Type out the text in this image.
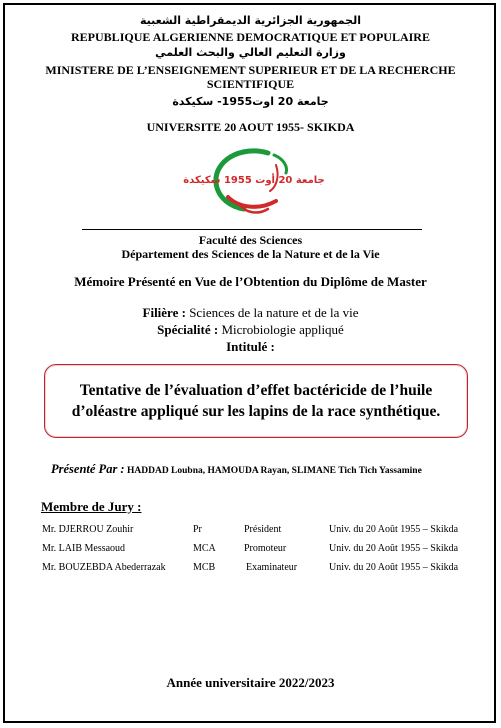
الجمهورية الجزائرية الديمقراطية الشعبية
REPUBLIQUE ALGERIENNE DEMOCRATIQUE ET POPULAIRE
وزارة التعليم العالي والبحث العلمي
MINISTERE DE L’ENSEIGNEMENT SUPERIEUR ET DE LA RECHERCHE
SCIENTIFIQUE
جامعة 20 اوت1955- سكيكدة
UNIVERSITE 20 AOUT 1955- SKIKDA
جامعة 20 أوت 1955 سكيكدة
Faculté des Sciences
Département des Sciences de la Nature et de la Vie
Mémoire Présenté en Vue de l’Obtention du Diplôme de Master
Filière : Sciences de la nature et de la vie
Spécialité : Microbiologie appliqué
Intitulé :
Tentative de l’évaluation d’effet bactéricide de l’huile
d’oléastre appliqué sur les lapins de la race synthétique.
Présenté Par : HADDAD Loubna, HAMOUDA Rayan, SLIMANE Tich Tich Yassamine
Membre de Jury :
Mr. DJERROU Zouhir	Pr	Président	Univ. du 20 Août 1955 – Skikda
Mr. LAIB Messaoud	MCA	Promoteur	Univ. du 20 Août 1955 – Skikda
Mr. BOUZEBDA Abederrazak	MCB	Examinateur	Univ. du 20 Août 1955 – Skikda
Année universitaire 2022/2023
